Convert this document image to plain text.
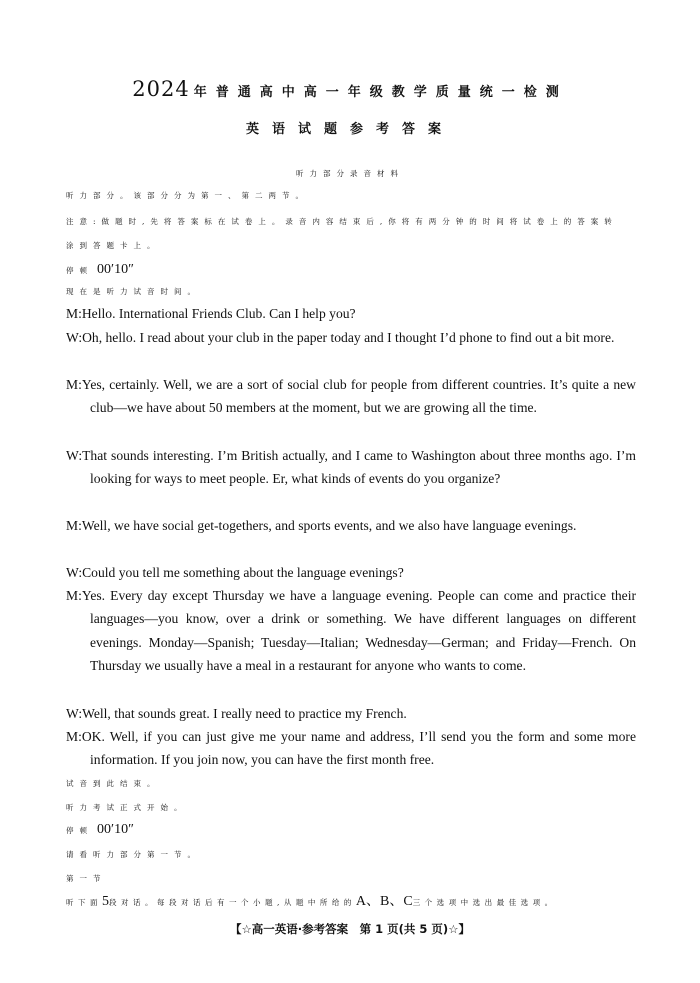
2024 年普通高中高一年级教学质量统一检测
英语试题参考答案
听力部分录音材料
听力部分。该部分分为第一、第二两节。
注意:做题时,先将答案标在试卷上。录音内容结束后,你将有两分钟的时间将试卷上的答案转
涂到答题卡上。
停顿 00′10″
现在是听力试音时间。
M:Hello. International Friends Club. Can I help you?
W:Oh, hello. I read about your club in the paper today and I thought I’d phone to find out a bit more.
M:Yes, certainly. Well, we are a sort of social club for people from different countries. It’s quite a new club—we have about 50 members at the moment, but we are growing all the time.
W:That sounds interesting. I’m British actually, and I came to Washington about three months ago. I’m looking for ways to meet people. Er, what kinds of events do you organize?
M:Well, we have social get-togethers, and sports events, and we also have language evenings.
W:Could you tell me something about the language evenings?
M:Yes. Every day except Thursday we have a language evening. People can come and practice their languages—you know, over a drink or something. We have different languages on different evenings. Monday—Spanish; Tuesday—Italian; Wednesday—German; and Friday—French. On Thursday we usually have a meal in a restaurant for anyone who wants to come.
W:Well, that sounds great. I really need to practice my French.
M:OK. Well, if you can just give me your name and address, I’ll send you the form and some more information. If you join now, you can have the first month free.
试音到此结束。
听力考试正式开始。
停顿 00′10″
请看听力部分第一节。
第一节
听下面5段对话。每段对话后有一个小题,从题中所给的A、B、C三个选项中选出最佳选项。
【☆高一英语·参考答案　第 1 页(共 5 页)☆】
